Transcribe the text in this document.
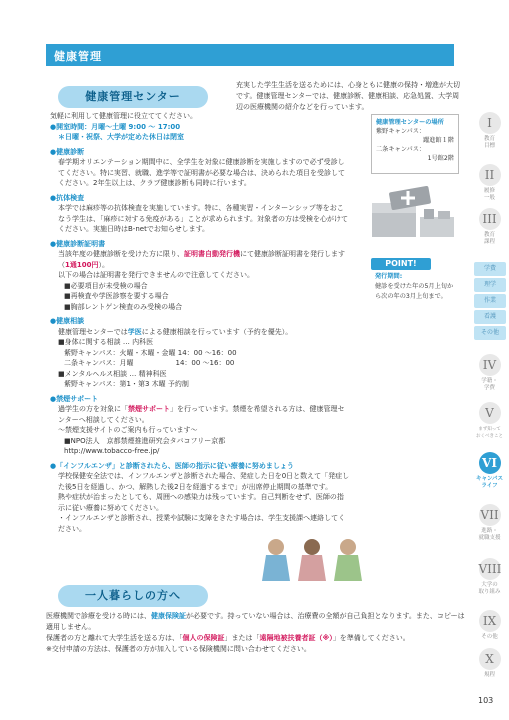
健康管理
健康管理センター
充実した学生生活を送るためには、心身ともに健康の保持・増進が大切です。健康管理センターでは、健康診断、健康相談、応急処置、大学周辺の医療機関の紹介などを行っています。
健康管理センターの場所
紫野キャンパス：
躍進館１階
二条キャンパス：
1号館2階
POINT!
発行期間:
健診を受けた年の5月上旬から次の年の3月上旬まで。
気軽に利用して健康管理に役立ててください。
●開室時間：月曜～土曜 9:00 ～ 17:00
＊日曜・祝祭、大学が定めた休日は閉室
●健康診断
春学期オリエンテーション期間中に、全学生を対象に健康診断を実施しますので必ず受診してください。特に実習、就職、進学等で証明書が必要な場合は、決められた項目を受診してください。2年生以上は、クラブ健康診断も同時に行います。
●抗体検査
本学では麻疹等の抗体検査を実施しています。特に、各種実習・インターンシップ等をおこなう学生は、「麻疹に対する免疫がある」ことが求められます。対象者の方は受検を心がけてください。実施日時はB-netでお知らせします。
●健康診断証明書
当該年度の健康診断を受けた方に限り、証明書自動発行機にて健康診断証明書を発行します（1通100円）。
以下の場合は証明書を発行できませんので注意してください。
■必要項目が未受検の場合
■再検査や学医診察を要する場合
■胸部レントゲン検査のみ受検の場合
●健康相談
健康管理センターでは学医による健康相談を行っています（予約を優先）。
■身体に関する相談 … 内科医
紫野キャンパス：火曜・木曜・金曜 14：00 ～16：00
二条キャンパス：月曜　　　　　　14：00 ～16：00
■メンタルヘルス相談 … 精神科医
紫野キャンパス：第1・第3 木曜 予約制
●禁煙サポート
過学生の方を対象に「禁煙サポート」を行っています。禁煙を希望される方は、健康管理センターへ相談してください。
～禁煙支援サイトのご案内も行っています～
■NPO法人　京都禁煙推進研究会タバコフリー京都
http://www.tobacco-free.jp/
●「インフルエンザ」と診断されたら、医師の指示に従い療養に努めましょう
学校保健安全法では、インフルエンザと診断された場合、発症した日を0日と数えて「発症した後5日を経過し、かつ、解熱した後2日を経過するまで」が出席停止期間の基準です。
熱や症状が治まったとしても、周囲への感染力は残っています。自己判断をせず、医師の指示に従い療養に努めてください。
・インフルエンザと診断され、授業や試験に支障をきたす場合は、学生支援課へ連絡してください。
一人暮らしの方へ
医療機関で診療を受ける時には、健康保険証が必要です。持っていない場合は、治療費の全額が自己負担となります。また、コピーは適用しません。
保護者の方と離れて大学生活を送る方は、「個人の保険証」または「遠隔地被扶養者証（※）」を準備してください。
※交付申請の方法は、保護者の方が加入している保険機関に問い合わせてください。
I
教育
目標
II
履修
一般
III
教育
課程
学費
理学
作業
看護
その他
IV
学籍・
学費
V
まず知って
おくべきこと
VI
キャンパス
ライフ
VII
進路・
就職支援
VIII
大学の
取り組み
IX
その他
X
規程
103
